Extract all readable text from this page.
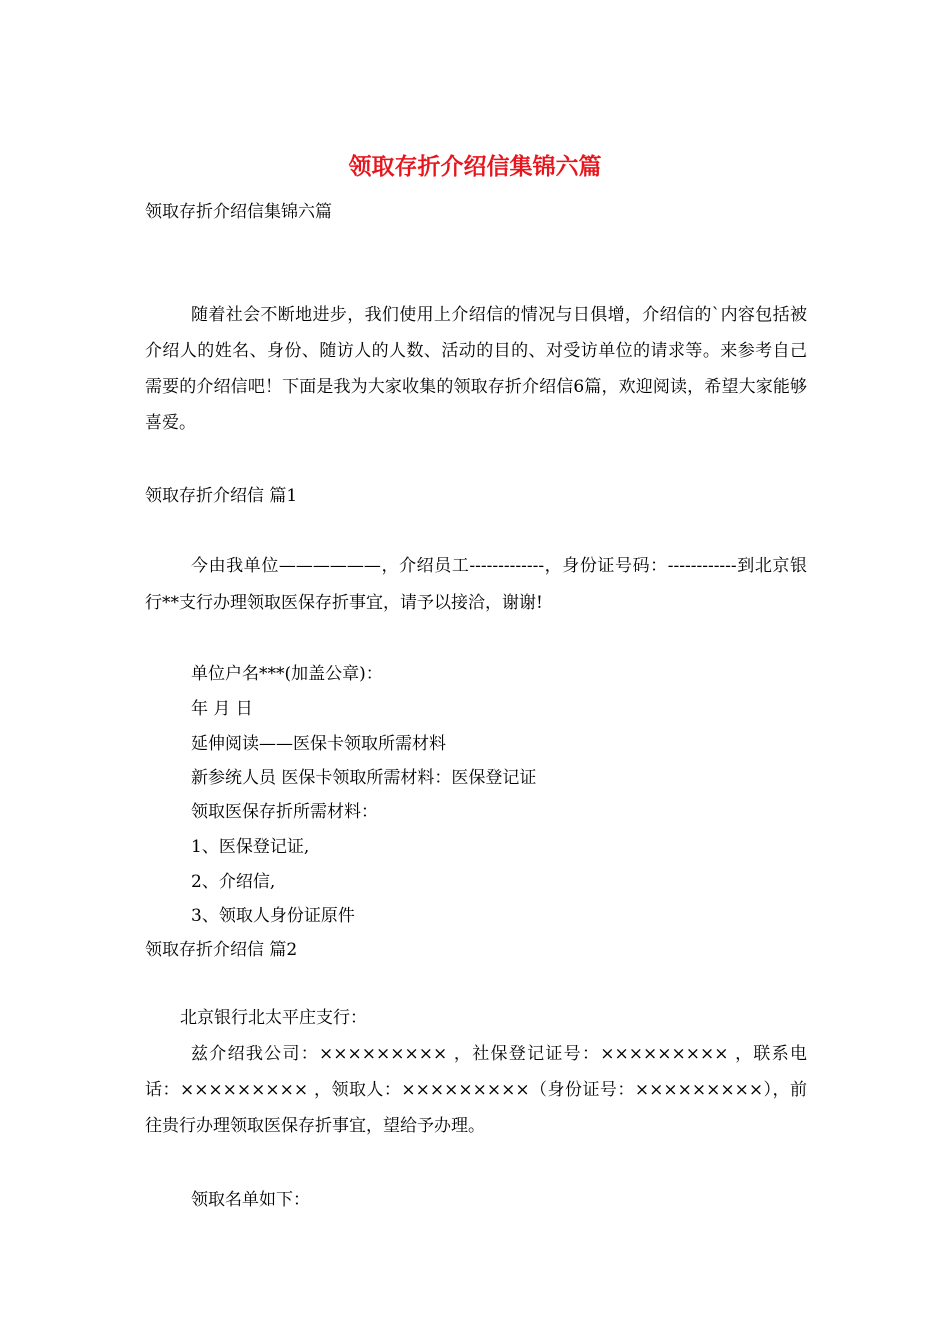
领取存折介绍信集锦六篇

领取存折介绍信集锦六篇

随着社会不断地进步，我们使用上介绍信的情况与日俱增，介绍信的`内容包括被介绍人的姓名、身份、随访人的人数、活动的目的、对受访单位的请求等。来参考自己需要的介绍信吧！下面是我为大家收集的领取存折介绍信6篇，欢迎阅读，希望大家能够喜爱。

领取存折介绍信 篇1

今由我单位——————，介绍员工-------------，身份证号码：------------到北京银行**支行办理领取医保存折事宜，请予以接洽，谢谢!

单位户名***(加盖公章)：

年 月 日

延伸阅读——医保卡领取所需材料

新参统人员 医保卡领取所需材料：医保登记证

领取医保存折所需材料：

1、医保登记证,

2、介绍信,

3、领取人身份证原件

领取存折介绍信 篇2

北京银行北太平庄支行：

兹介绍我公司：××××××××× ，社保登记证号：××××××××× ，联系电话：××××××××× ，领取人：×××××××××（身份证号：×××××××××），前往贵行办理领取医保存折事宜，望给予办理。

领取名单如下：
